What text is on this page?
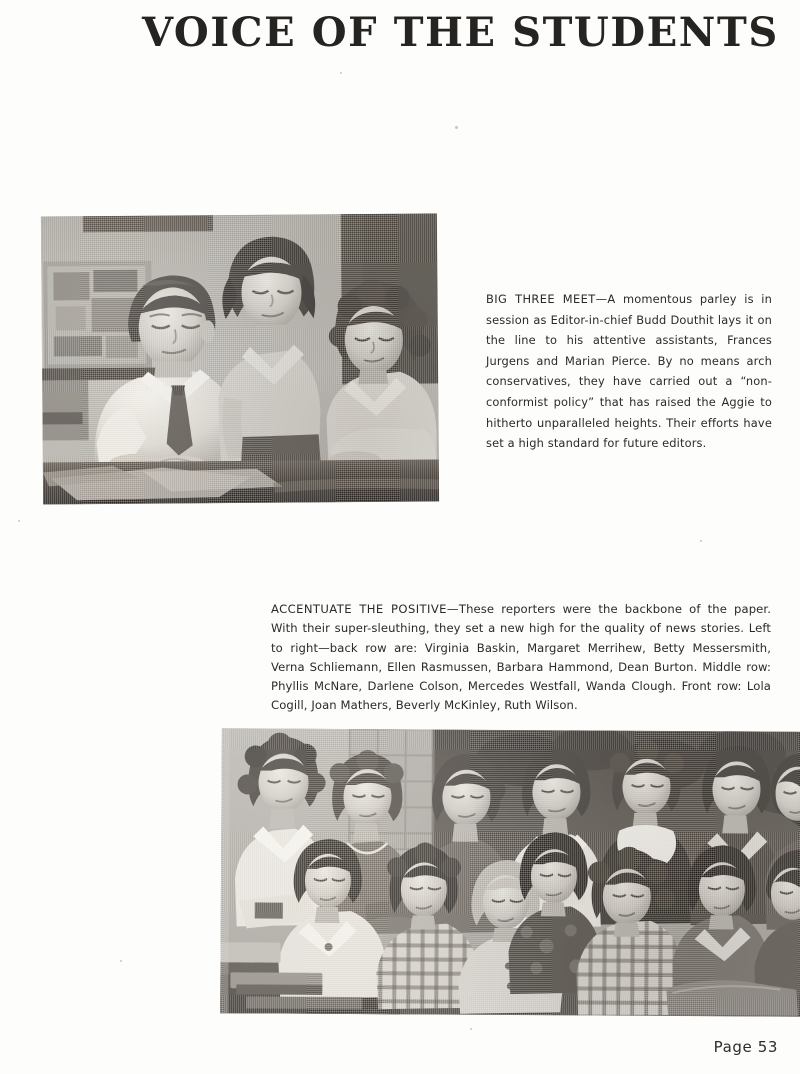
VOICE OF THE STUDENTS
BIG THREE MEET—A momentous parley is in session as Editor-in-chief Budd Douthit lays it on the line to his attentive assistants, Frances Jurgens and Marian Pierce. By no means arch conservatives, they have carried out a “non-conformist policy” that has raised the Aggie to hitherto unparalleled heights. Their efforts have set a high standard for future editors.
ACCENTUATE THE POSITIVE—These reporters were the backbone of the paper. With their super-sleuthing, they set a new high for the quality of news stories. Left to right—back row are: Virginia Baskin, Margaret Merrihew, Betty Messersmith, Verna Schliemann, Ellen Rasmussen, Barbara Hammond, Dean Burton. Middle row: Phyllis McNare, Darlene Colson, Mercedes Westfall, Wanda Clough. Front row: Lola Cogill, Joan Mathers, Beverly McKinley, Ruth Wilson.
Page 53
